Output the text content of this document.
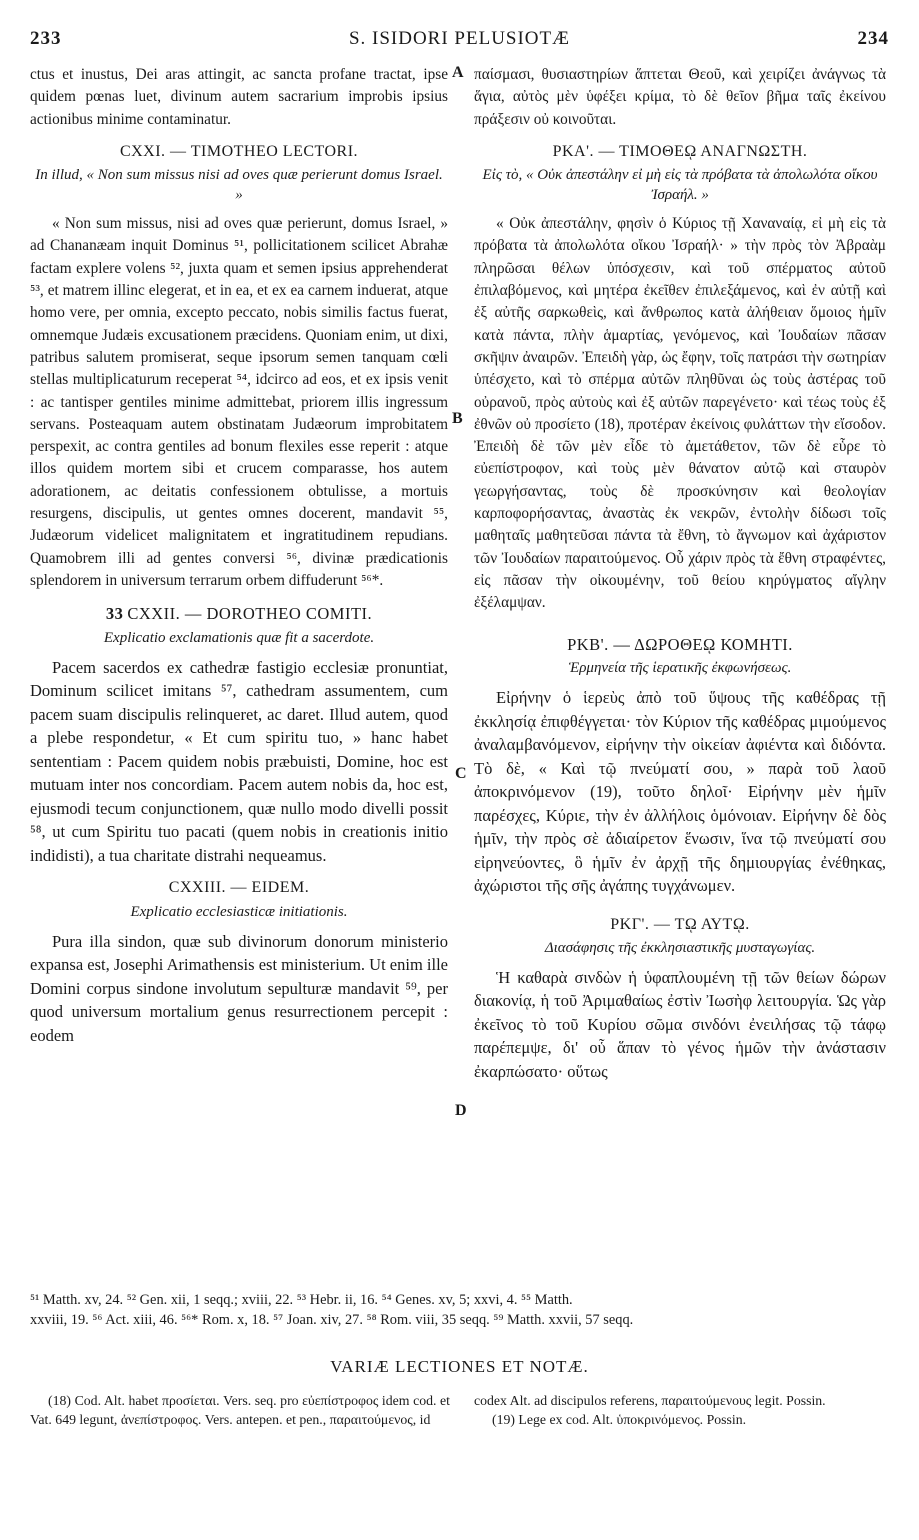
233	S. ISIDORI PELUSIOTÆ	234

ctus et inustus, Dei aras attingit, ac sancta profane tractat, ipse quidem pœnas luet, divinum autem sacrarium improbis ipsius actionibus minime contaminatur.

CXXI. — TIMOTHEO LECTORI.
In illud, « Non sum missus nisi ad oves quæ perierunt domus Israel. »

« Non sum missus, nisi ad oves quæ perierunt, domus Israel, » ad Chananæam inquit Dominus ⁵¹, pollicitationem scilicet Abrahæ factam explere volens ⁵², juxta quam et semen ipsius apprehenderat ⁵³, et matrem illinc elegerat, et in ea, et ex ea carnem induerat, atque homo vere, per omnia, excepto peccato, nobis similis factus fuerat, omnemque Judæis excusationem præcidens. Quoniam enim, ut dixi, patribus salutem promiserat, seque ipsorum semen tanquam cœli stellas multiplicaturum receperat ⁵⁴, idcirco ad eos, et ex ipsis venit : ac tantisper gentiles minime admittebat, priorem illis ingressum servans. Posteaquam autem obstinatam Judæorum improbitatem perspexit, ac contra gentiles ad bonum flexiles esse reperit : atque illos quidem mortem sibi et crucem comparasse, hos autem adorationem, ac deitatis confessionem obtulisse, a mortuis resurgens, discipulis, ut gentes omnes docerent, mandavit ⁵⁵, Judæorum videlicet malignitatem et ingratitudinem repudians. Quamobrem illi ad gentes conversi ⁵⁶, divinæ prædicationis splendorem in universum terrarum orbem diffuderunt ⁵⁶*.

33 CXXII. — DOROTHEO COMITI.
Explicatio exclamationis quæ fit a sacerdote.

Pacem sacerdos ex cathedræ fastigio ecclesiæ pronuntiat, Dominum scilicet imitans ⁵⁷, cathedram assumentem, cum pacem suam discipulis relinqueret, ac daret. Illud autem, quod a plebe respondetur, « Et cum spiritu tuo, » hanc habet sententiam : Pacem quidem nobis præbuisti, Domine, hoc est mutuam inter nos concordiam. Pacem autem nobis da, hoc est, ejusmodi tecum conjunctionem, quæ nullo modo divelli possit ⁵⁸, ut cum Spiritu tuo pacati (quem nobis in creationis initio indidisti), a tua charitate distrahi nequeamus.

CXXIII. — EIDEM.
Explicatio ecclesiasticæ initiationis.

Pura illa sindon, quæ sub divinorum donorum ministerio expansa est, Josephi Arimathensis est ministerium. Ut enim ille Domini corpus sindone involutum sepulturæ mandavit ⁵⁹, per quod universum mortalium genus resurrectionem percepit : eodem

A
B
C
D

παίσμασι, θυσιαστηρίων ἅπτεται Θεοῦ, καὶ χειρίζει ἀνάγνως τὰ ἅγια, αὐτὸς μὲν ὑφέξει κρίμα, τὸ δὲ θεῖον βῆμα ταῖς ἐκείνου πράξεσιν οὐ κοινοῦται.

ΡΚΑ'. — ΤΙΜΟΘΕῼ ΑΝΑΓΝΩΣΤΗ.
Εἰς τὸ, « Οὐκ ἀπεστάλην εἰ μὴ εἰς τὰ πρόβατα τὰ ἀπολωλότα οἴκου Ἰσραήλ. »

« Οὐκ ἀπεστάλην, φησὶν ὁ Κύριος τῇ Χαναναίᾳ, εἰ μὴ εἰς τὰ πρόβατα τὰ ἀπολωλότα οἴκου Ἰσραήλ· » τὴν πρὸς τὸν Ἀβραὰμ πληρῶσαι θέλων ὑπόσχεσιν, καὶ τοῦ σπέρματος αὐτοῦ ἐπιλαβόμενος, καὶ μητέρα ἐκεῖθεν ἐπιλεξάμενος, καὶ ἐν αὐτῇ καὶ ἐξ αὐτῆς σαρκωθεὶς, καὶ ἄνθρωπος κατὰ ἀλήθειαν ὅμοιος ἡμῖν κατὰ πάντα, πλὴν ἁμαρτίας, γενόμενος, καὶ Ἰουδαίων πᾶσαν σκῆψιν ἀναιρῶν. Ἐπειδὴ γὰρ, ὡς ἔφην, τοῖς πατράσι τὴν σωτηρίαν ὑπέσχετο, καὶ τὸ σπέρμα αὐτῶν πληθῦναι ὡς τοὺς ἀστέρας τοῦ οὐρανοῦ, πρὸς αὐτοὺς καὶ ἐξ αὐτῶν παρεγένετο· καὶ τέως τοὺς ἐξ ἐθνῶν οὐ προσίετο (18), προτέραν ἐκείνοις φυλάττων τὴν εἴσοδον. Ἐπειδὴ δὲ τῶν μὲν εἶδε τὸ ἀμετάθετον, τῶν δὲ εὗρε τὸ εὐεπίστροφον, καὶ τοὺς μὲν θάνατον αὐτῷ καὶ σταυρὸν γεωργήσαντας, τοὺς δὲ προσκύνησιν καὶ θεολογίαν καρποφορήσαντας, ἀναστὰς ἐκ νεκρῶν, ἐντολὴν δίδωσι τοῖς μαθηταῖς μαθητεῦσαι πάντα τὰ ἔθνη, τὸ ἄγνωμον καὶ ἀχάριστον τῶν Ἰουδαίων παραιτούμενος. Οὗ χάριν πρὸς τὰ ἔθνη στραφέντες, εἰς πᾶσαν τὴν οἰκουμένην, τοῦ θείου κηρύγματος αἴγλην ἐξέλαμψαν.

ΡΚΒ'. — ΔΩΡΟΘΕῼ ΚΟΜΗΤΙ.
Ἑρμηνεία τῆς ἱερατικῆς ἐκφωνήσεως.

Εἰρήνην ὁ ἱερεὺς ἀπὸ τοῦ ὕψους τῆς καθέδρας τῇ ἐκκλησίᾳ ἐπιφθέγγεται· τὸν Κύριον τῆς καθέδρας μιμούμενος ἀναλαμβανόμενον, εἰρήνην τὴν οἰκείαν ἀφιέντα καὶ διδόντα. Τὸ δὲ, « Καὶ τῷ πνεύματί σου, » παρὰ τοῦ λαοῦ ἀποκρινόμενον (19), τοῦτο δηλοῖ· Εἰρήνην μὲν ἡμῖν παρέσχες, Κύριε, τὴν ἐν ἀλλήλοις ὁμόνοιαν. Εἰρήνην δὲ δὸς ἡμῖν, τὴν πρὸς σὲ ἀδιαίρετον ἕνωσιν, ἵνα τῷ πνεύματί σου εἰρηνεύοντες, ὃ ἡμῖν ἐν ἀρχῇ τῆς δημιουργίας ἐνέθηκας, ἀχώριστοι τῆς σῆς ἀγάπης τυγχάνωμεν.

ΡΚΓ'. — Τῼ ΑΥΤῼ.
Διασάφησις τῆς ἐκκλησιαστικῆς μυσταγωγίας.

Ἡ καθαρὰ σινδὼν ἡ ὑφαπλουμένη τῇ τῶν θείων δώρων διακονίᾳ, ἡ τοῦ Ἀριμαθαίως ἐστὶν Ἰωσὴφ λειτουργία. Ὡς γὰρ ἐκεῖνος τὸ τοῦ Κυρίου σῶμα σινδόνι ἐνειλήσας τῷ τάφῳ παρέπεμψε, δι' οὗ ἅπαν τὸ γένος ἡμῶν τὴν ἀνάστασιν ἐκαρπώσατο· οὕτως

⁵¹ Matth. xv, 24. ⁵² Gen. xii, 1 seqq.; xviii, 22. ⁵³ Hebr. ii, 16. ⁵⁴ Genes. xv, 5; xxvi, 4. ⁵⁵ Matth.

xxviii, 19. ⁵⁶ Act. xiii, 46. ⁵⁶* Rom. x, 18. ⁵⁷ Joan. xiv, 27. ⁵⁸ Rom. viii, 35 seqq. ⁵⁹ Matth. xxvii, 57 seqq.

VARIÆ LECTIONES ET NOTÆ.

(18) Cod. Alt. habet προσίεται. Vers. seq. pro εὐεπίστροφος idem cod. et Vat. 649 legunt, ἀνεπίστροφος. Vers. antepen. et pen., παραιτούμενος, id

codex Alt. ad discipulos referens, παραιτούμενους legit. Possin.

(19) Lege ex cod. Alt. ὑποκρινόμενος. Possin.
